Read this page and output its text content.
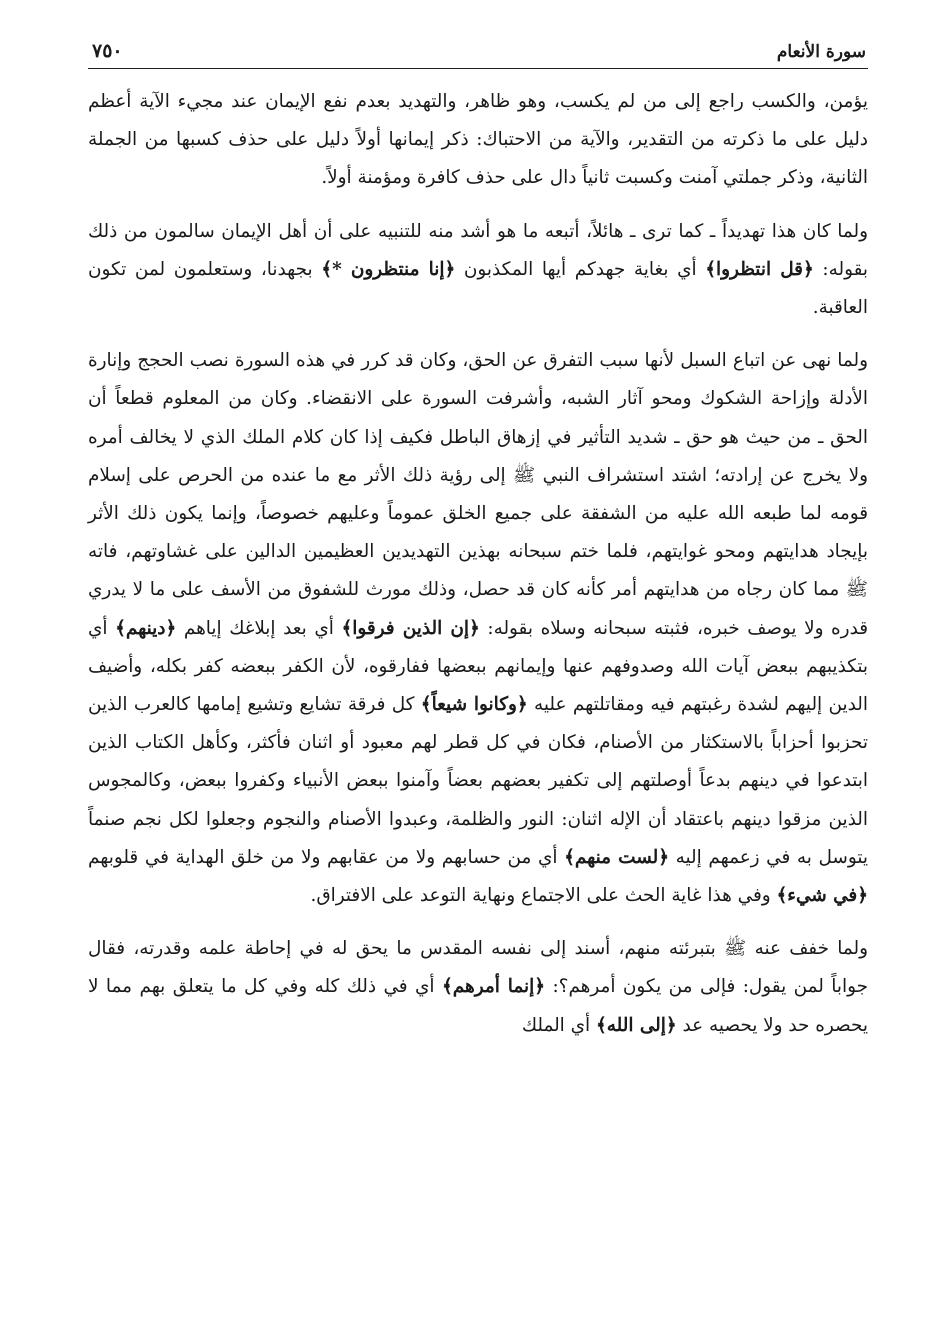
سورة الأنعام
٧٥٠

يؤمن، والكسب راجع إلى من لم يكسب، وهو ظاهر، والتهديد بعدم نفع الإيمان عند مجيء الآية أعظم دليل على ما ذكرته من التقدير، والآية من الاحتباك: ذكر إيمانها أولاً دليل على حذف كسبها من الجملة الثانية، وذكر جملتي آمنت وكسبت ثانياً دال على حذف كافرة ومؤمنة أولاً.

ولما كان هذا تهديداً ـ كما ترى ـ هائلاً، أتبعه ما هو أشد منه للتنبيه على أن أهل الإيمان سالمون من ذلك بقوله: ﴿قل انتظروا﴾ أي بغاية جهدكم أيها المكذبون ﴿إنا منتظرون *﴾ بجهدنا، وستعلمون لمن تكون العاقبة.

ولما نهى عن اتباع السبل لأنها سبب التفرق عن الحق، وكان قد كرر في هذه السورة نصب الحجج وإنارة الأدلة وإزاحة الشكوك ومحو آثار الشبه، وأشرفت السورة على الانقضاء. وكان من المعلوم قطعاً أن الحق ـ من حيث هو حق ـ شديد التأثير في إزهاق الباطل فكيف إذا كان كلام الملك الذي لا يخالف أمره ولا يخرج عن إرادته؛ اشتد استشراف النبي ﷺ إلى رؤية ذلك الأثر مع ما عنده من الحرص على إسلام قومه لما طبعه الله عليه من الشفقة على جميع الخلق عموماً وعليهم خصوصاً، وإنما يكون ذلك الأثر بإيجاد هدايتهم ومحو غوايتهم، فلما ختم سبحانه بهذين التهديدين العظيمين الدالين على غشاوتهم، فاته ﷺ مما كان رجاه من هدايتهم أمر كأنه كان قد حصل، وذلك مورث للشفوق من الأسف على ما لا يدري قدره ولا يوصف خبره، فثبته سبحانه وسلاه بقوله: ﴿إن الذين فرقوا﴾ أي بعد إبلاغك إياهم ﴿دينهم﴾ أي بتكذيبهم ببعض آيات الله وصدوفهم عنها وإيمانهم ببعضها ففارقوه، لأن الكفر ببعضه كفر بكله، وأضيف الدين إليهم لشدة رغبتهم فيه ومقاتلتهم عليه ﴿وكانوا شيعاً﴾ كل فرقة تشايع وتشيع إمامها كالعرب الذين تحزبوا أحزاباً بالاستكثار من الأصنام، فكان في كل قطر لهم معبود أو اثنان فأكثر، وكأهل الكتاب الذين ابتدعوا في دينهم بدعاً أوصلتهم إلى تكفير بعضهم بعضاً وآمنوا ببعض الأنبياء وكفروا ببعض، وكالمجوس الذين مزقوا دينهم باعتقاد أن الإله اثنان: النور والظلمة، وعبدوا الأصنام والنجوم وجعلوا لكل نجم صنماً يتوسل به في زعمهم إليه ﴿لست منهم﴾ أي من حسابهم ولا من عقابهم ولا من خلق الهداية في قلوبهم ﴿في شيء﴾ وفي هذا غاية الحث على الاجتماع ونهاية التوعد على الافتراق.

ولما خفف عنه ﷺ بتبرئته منهم، أسند إلى نفسه المقدس ما يحق له في إحاطة علمه وقدرته، فقال جواباً لمن يقول: فإلى من يكون أمرهم؟: ﴿إنما أمرهم﴾ أي في ذلك كله وفي كل ما يتعلق بهم مما لا يحصره حد ولا يحصيه عد ﴿إلى الله﴾ أي الملك
